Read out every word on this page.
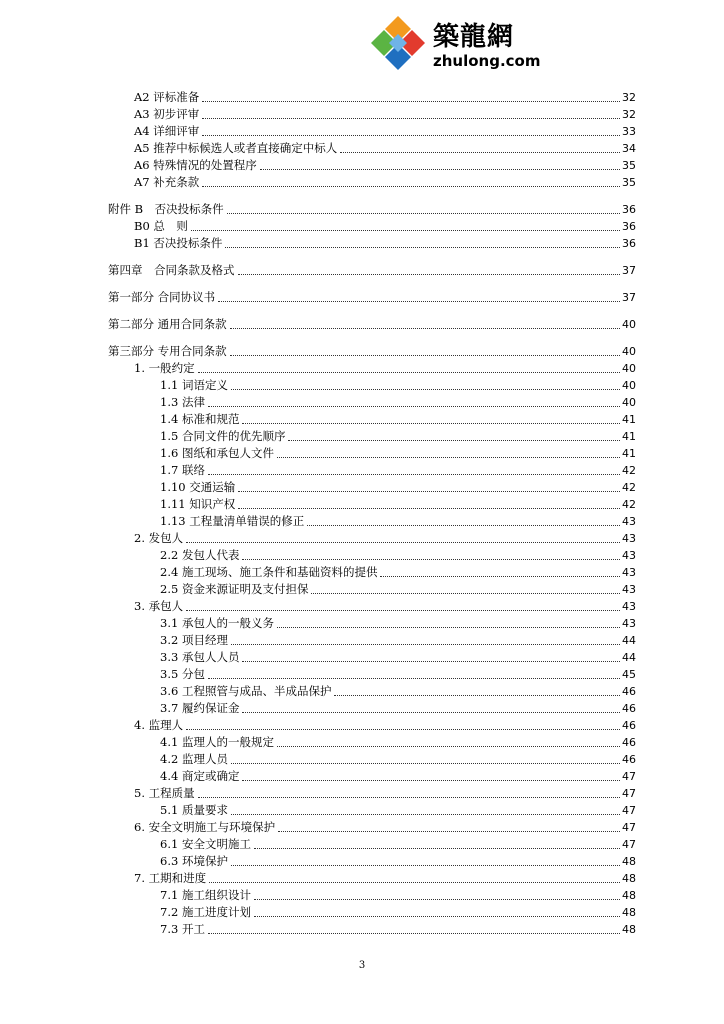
築龍網
zhulong.com
A2 评标准备	32
A3 初步评审	32
A4 详细评审	33
A5 推荐中标候选人或者直接确定中标人	34
A6 特殊情况的处置程序	35
A7 补充条款	35
附件 B　否决投标条件	36
B0 总　则	36
B1 否决投标条件	36
第四章　合同条款及格式	37
第一部分 合同协议书	37
第二部分 通用合同条款	40
第三部分 专用合同条款	40
1. 一般约定	40
1.1 词语定义	40
1.3 法律	40
1.4 标准和规范	41
1.5 合同文件的优先顺序	41
1.6 图纸和承包人文件	41
1.7 联络	42
1.10 交通运输	42
1.11 知识产权	42
1.13 工程量清单错误的修正	43
2. 发包人	43
2.2 发包人代表	43
2.4 施工现场、施工条件和基础资料的提供	43
2.5 资金来源证明及支付担保	43
3. 承包人	43
3.1 承包人的一般义务	43
3.2 项目经理	44
3.3 承包人人员	44
3.5 分包	45
3.6 工程照管与成品、半成品保护	46
3.7 履约保证金	46
4. 监理人	46
4.1 监理人的一般规定	46
4.2 监理人员	46
4.4 商定或确定	47
5. 工程质量	47
5.1 质量要求	47
6. 安全文明施工与环境保护	47
6.1 安全文明施工	47
6.3 环境保护	48
7. 工期和进度	48
7.1 施工组织设计	48
7.2 施工进度计划	48
7.3 开工	48
3
